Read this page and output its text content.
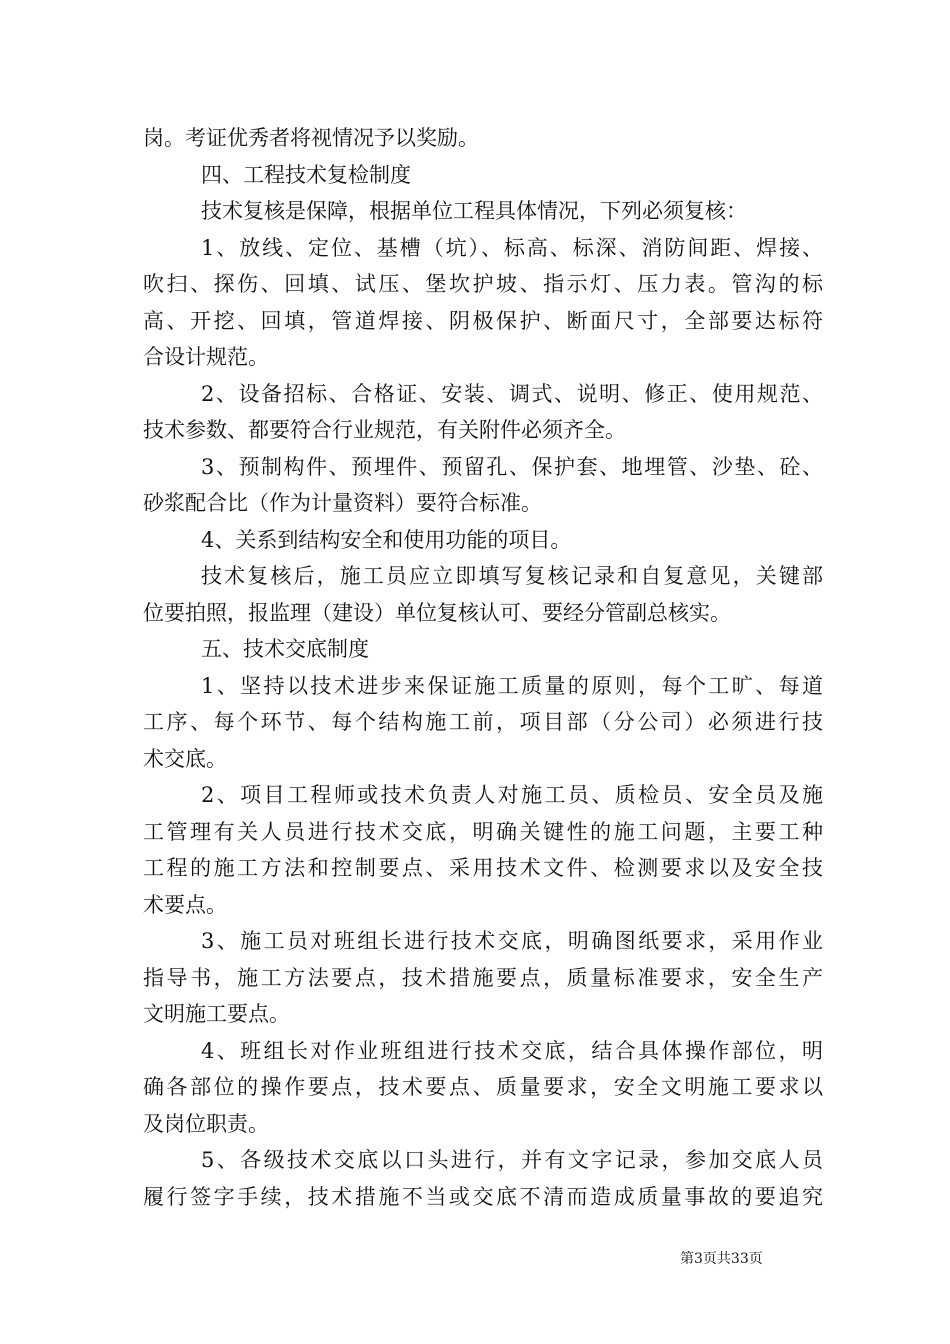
岗。考证优秀者将视情况予以奖励。
四、工程技术复检制度
技术复核是保障，根据单位工程具体情况，下列必须复核：
1、放线、定位、基槽（坑）、标高、标深、消防间距、焊接、
吹扫、探伤、回填、试压、堡坎护坡、指示灯、压力表。管沟的标
高、开挖、回填，管道焊接、阴极保护、断面尺寸，全部要达标符
合设计规范。
2、设备招标、合格证、安装、调式、说明、修正、使用规范、
技术参数、都要符合行业规范，有关附件必须齐全。
3、预制构件、预埋件、预留孔、保护套、地埋管、沙垫、砼、
砂浆配合比（作为计量资料）要符合标准。
4、关系到结构安全和使用功能的项目。
技术复核后，施工员应立即填写复核记录和自复意见，关键部
位要拍照，报监理（建设）单位复核认可、要经分管副总核实。
五、技术交底制度
1、坚持以技术进步来保证施工质量的原则，每个工旷、每道
工序、每个环节、每个结构施工前，项目部（分公司）必须进行技
术交底。
2、项目工程师或技术负责人对施工员、质检员、安全员及施
工管理有关人员进行技术交底，明确关键性的施工问题，主要工种
工程的施工方法和控制要点、采用技术文件、检测要求以及安全技
术要点。
3、施工员对班组长进行技术交底，明确图纸要求，采用作业
指导书，施工方法要点，技术措施要点，质量标准要求，安全生产
文明施工要点。
4、班组长对作业班组进行技术交底，结合具体操作部位，明
确各部位的操作要点，技术要点、质量要求，安全文明施工要求以
及岗位职责。
5、各级技术交底以口头进行，并有文字记录，参加交底人员
履行签字手续，技术措施不当或交底不清而造成质量事故的要追究
第3页共33页
